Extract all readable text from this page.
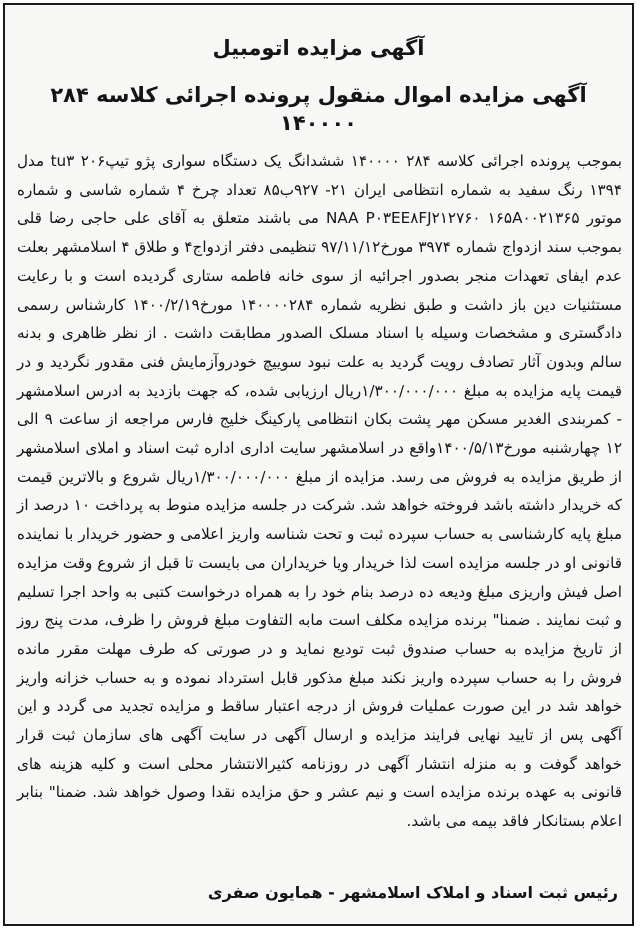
آگهی مزایده اتومبیل
آگهی مزایده اموال منقول پرونده اجرائی کلاسه ۲۸۴ ۱۴۰۰۰۰
بموجب پرونده اجرائی کلاسه ۲۸۴ ۱۴۰۰۰۰ ششدانگ یک دستگاه سواری پژو تیپtu۳ ۲۰۶ مدل ۱۳۹۴ رنگ سفید به شماره انتظامی ایران ۲۱- ۹۲۷ب۸۵ تعداد چرخ ۴ شماره شاسی و شماره موتور NAA P۰۳EE۸FJ۲۱۲۷۶۰ ۱۶۵A۰۰۲۱۳۶۵ می باشند متعلق به آقای علی حاجی رضا قلی بموجب سند ازدواج شماره ۳۹۷۴ مورخ۹۷/۱۱/۱۲ تنظیمی دفتر ازدواج۴ و طلاق ۴ اسلامشهر بعلت عدم ایفای تعهدات منجر بصدور اجرائیه از سوی خانه فاطمه ستاری گردیده است و با رعایت مستثنیات دین باز داشت و طبق نظریه شماره ۱۴۰۰۰۰۲۸۴ مورخ۱۴۰۰/۲/۱۹ کارشناس رسمی دادگستری و مشخصات وسیله با اسناد مسلک الصدور مطابقت داشت . از نظر ظاهری و بدنه سالم وبدون آثار تصادف رویت گردید به علت نبود سوییچ خودروآزمایش فنی مقدور نگردید و در قیمت پایه مزایده به مبلغ ۱/۳۰۰/۰۰۰/۰۰۰ریال ارزیابی شده، که جهت بازدید به ادرس اسلامشهر - کمربندی الغدیر مسکن مهر پشت بکان انتظامی پارکینگ خلیج فارس مراجعه از ساعت ۹ الی ۱۲ چهارشنبه مورخ۱۴۰۰/۵/۱۳واقع در اسلامشهر سایت اداری اداره ثبت اسناد و املای اسلامشهر از طریق مزایده به فروش می رسد. مزایده از مبلغ ۱/۳۰۰/۰۰۰/۰۰۰ریال شروع و بالاترین قیمت که خریدار داشته باشد فروخته خواهد شد. شرکت در جلسه مزایده منوط به پرداخت ۱۰ درصد از مبلغ پایه کارشناسی به حساب سپرده ثبت و تحت شناسه واریز اعلامی و حضور خریدار با نماینده قانونی او در جلسه مزایده است لذا خریدار ویا خریداران می بایست تا قبل از شروع وقت مزایده اصل فیش واریزی مبلغ ودیعه ده درصد بنام خود را به همراه درخواست کتبی به واحد اجرا تسلیم و ثبت نمایند . ضمنا" برنده مزایده مکلف است مابه التفاوت مبلغ فروش را ظرف، مدت پنج روز از تاریخ مزایده به حساب صندوق ثبت تودیع نماید و در صورتی که طرف مهلت مقرر مانده فروش را به حساب سپرده واریز نکند مبلغ مذکور قابل استرداد نموده و به حساب خزانه واریز خواهد شد در این صورت عملیات فروش از درجه اعتبار ساقط و مزایده تجدید می گردد و این آگهی پس از تایید نهایی فرایند مزایده و ارسال آگهی در سایت آگهی های سازمان ثبت قرار خواهد گوفت و به منزله انتشار آگهی در روزنامه کثیرالانتشار محلی است و کلیه هزینه های قانونی به عهده برنده مزایده است و نیم عشر و حق مزایده نقدا وصول خواهد شد. ضمنا" بنابر اعلام بستانکار فاقد بیمه می باشد.
رئیس ثبت اسناد و املاک اسلامشهر - همایون صفری
